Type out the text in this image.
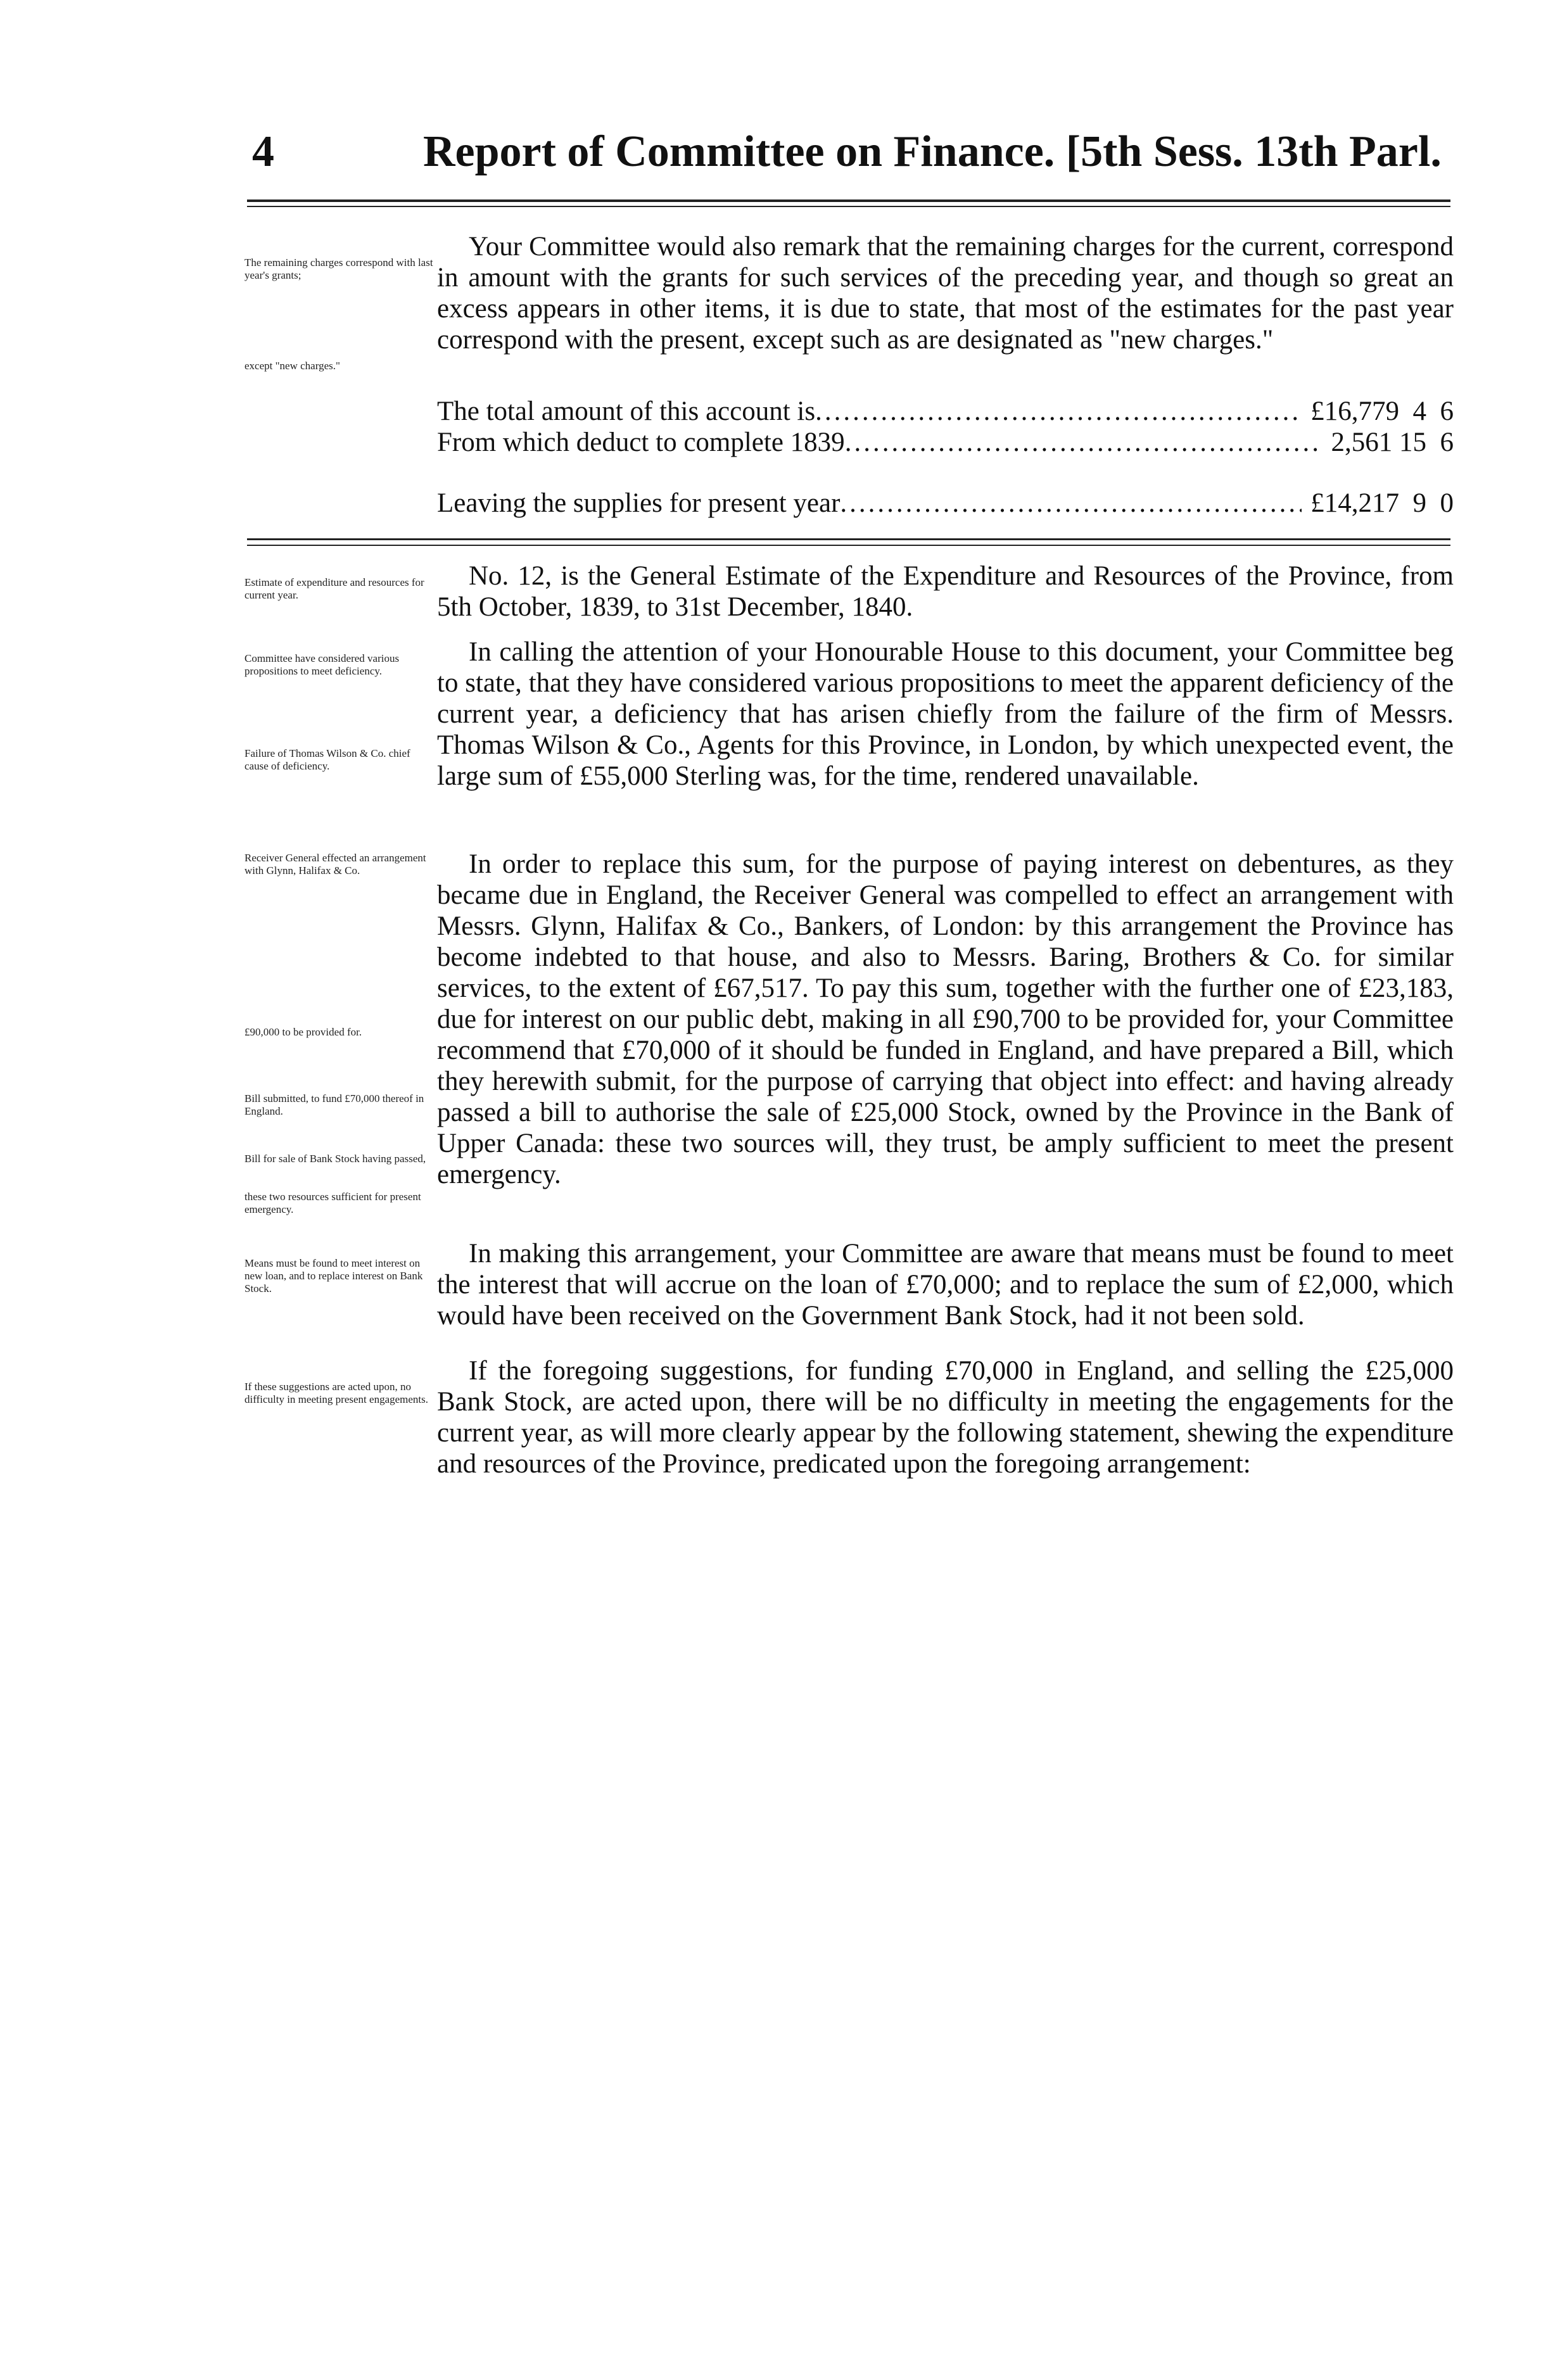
4	Report of Committee on Finance. [5th Sess. 13th Parl.
The remaining charges correspond with last year's grants;
except "new charges."
Estimate of expenditure and resources for current year.
Committee have considered various propositions to meet deficiency.
Failure of Thomas Wilson & Co. chief cause of deficiency.
Receiver General effected an arrangement with Glynn, Halifax & Co.
£90,000 to be provided for.
Bill submitted, to fund £70,000 thereof in England.
Bill for sale of Bank Stock having passed,
these two resources sufficient for present emergency.
Means must be found to meet interest on new loan, and to replace interest on Bank Stock.
If these suggestions are acted upon, no difficulty in meeting present engagements.
Your Committee would also remark that the remaining charges for the current, correspond in amount with the grants for such services of the preceding year, and though so great an excess appears in other items, it is due to state, that most of the estimates for the past year correspond with the present, except such as are designated as "new charges."
The total amount of this account is .....	£16,779  4  6
From which deduct to complete 1839 .....	2,561 15  6
Leaving the supplies for present year .....	£14,217  9  0
No. 12, is the General Estimate of the Expenditure and Resources of the Province, from 5th October, 1839, to 31st December, 1840.
In calling the attention of your Honourable House to this document, your Committee beg to state, that they have considered various propositions to meet the apparent deficiency of the current year, a deficiency that has arisen chiefly from the failure of the firm of Messrs. Thomas Wilson & Co., Agents for this Province, in London, by which unexpected event, the large sum of £55,000 Sterling was, for the time, rendered unavailable.
In order to replace this sum, for the purpose of paying interest on debentures, as they became due in England, the Receiver General was compelled to effect an arrangement with Messrs. Glynn, Halifax & Co., Bankers, of London: by this arrangement the Province has become indebted to that house, and also to Messrs. Baring, Brothers & Co. for similar services, to the extent of £67,517. To pay this sum, together with the further one of £23,183, due for interest on our public debt, making in all £90,700 to be provided for, your Committee recommend that £70,000 of it should be funded in England, and have prepared a Bill, which they herewith submit, for the purpose of carrying that object into effect: and having already passed a bill to authorise the sale of £25,000 Stock, owned by the Province in the Bank of Upper Canada: these two sources will, they trust, be amply sufficient to meet the present emergency.
In making this arrangement, your Committee are aware that means must be found to meet the interest that will accrue on the loan of £70,000; and to replace the sum of £2,000, which would have been received on the Government Bank Stock, had it not been sold.
If the foregoing suggestions, for funding £70,000 in England, and selling the £25,000 Bank Stock, are acted upon, there will be no difficulty in meeting the engagements for the current year, as will more clearly appear by the following statement, shewing the expenditure and resources of the Province, predicated upon the foregoing arrangement:
